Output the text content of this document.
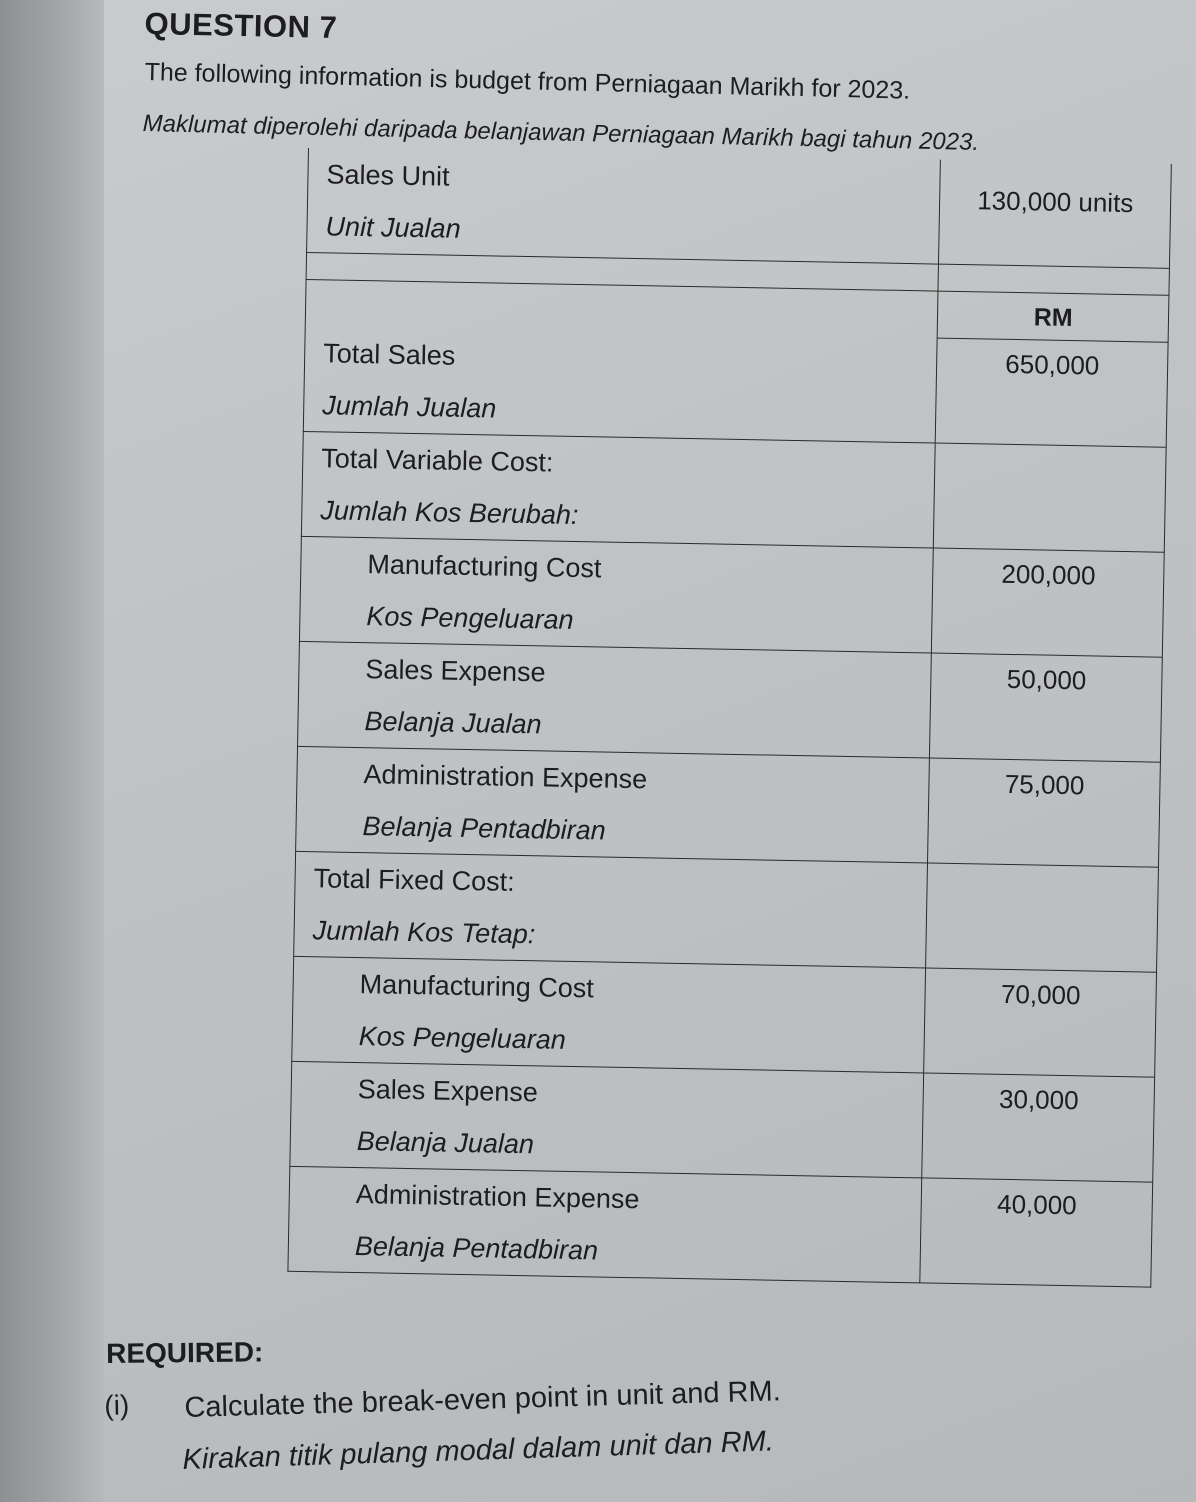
QUESTION 7
The following information is budget from Perniagaan Marikh for 2023.
Maklumat diperolehi daripada belanjawan Perniagaan Marikh bagi tahun 2023.
Sales Unit
Unit Jualan	130,000 units

	RM

Total Sales
Jumlah Jualan	650,000

Total Variable Cost:
Jumlah Kos Berubah:	

Manufacturing Cost
Kos Pengeluaran	200,000

Sales Expense
Belanja Jualan	50,000

Administration Expense
Belanja Pentadbiran	75,000

Total Fixed Cost:
Jumlah Kos Tetap:	

Manufacturing Cost
Kos Pengeluaran	70,000

Sales Expense
Belanja Jualan	30,000

Administration Expense
Belanja Pentadbiran	40,000
REQUIRED:
(i) Calculate the break-even point in unit and RM.
Kirakan titik pulang modal dalam unit dan RM.
